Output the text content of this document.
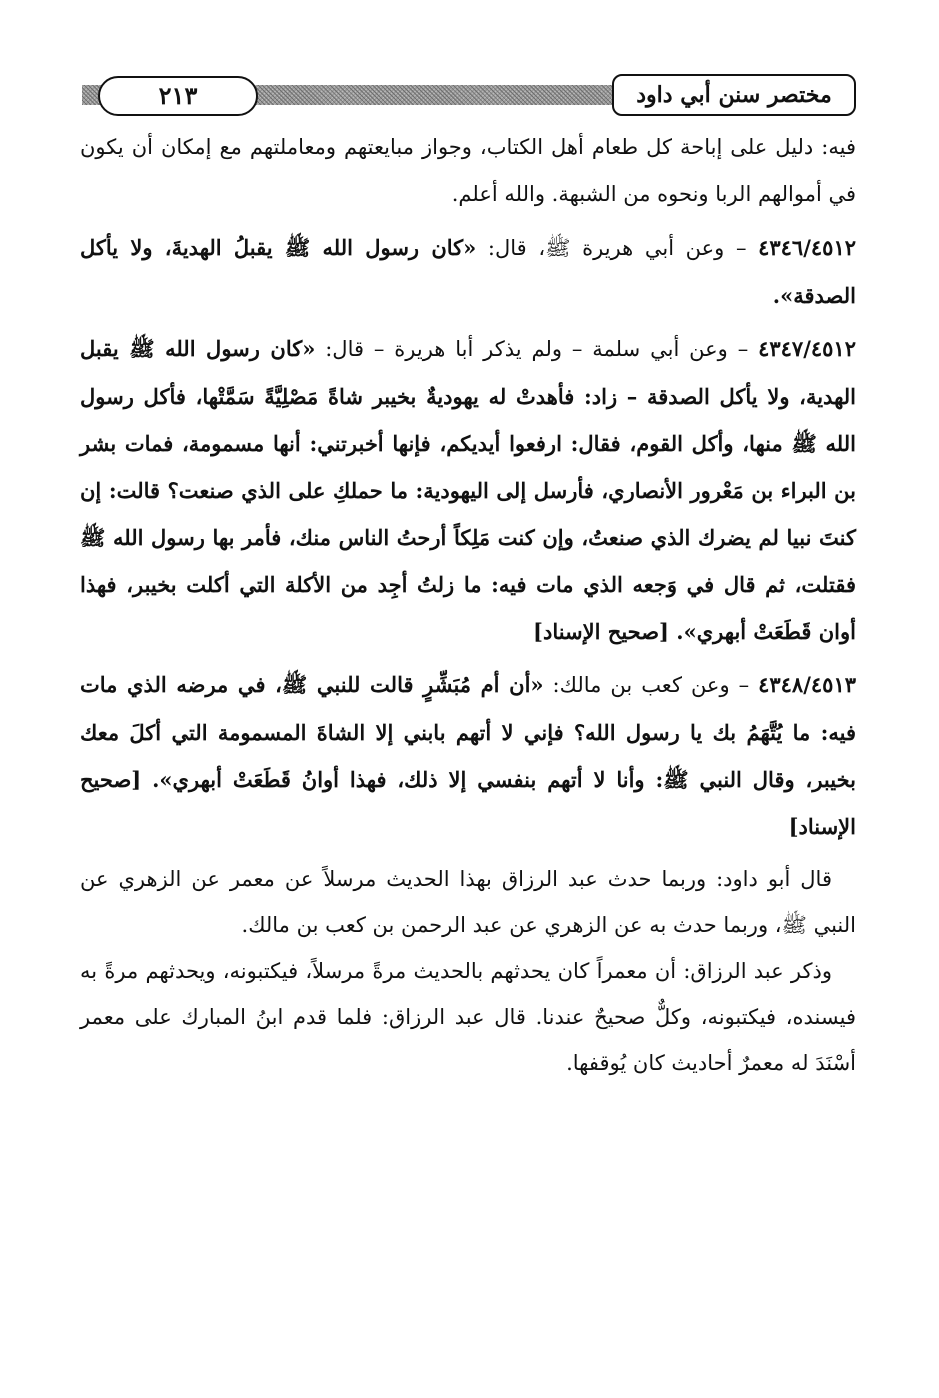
٢١٣	مختصر سنن أبي داود

فيه: دليل على إباحة كل طعام أهل الكتاب، وجواز مبايعتهم ومعاملتهم مع إمكان أن يكون في أموالهم الربا ونحوه من الشبهة. والله أعلم.

٤٣٤٦/٤٥١٢ – وعن أبي هريرة ﷺ، قال: «كان رسول الله ﷺ يقبلُ الهديةَ، ولا يأكل الصدقة».

٤٣٤٧/٤٥١٢ – وعن أبي سلمة – ولم يذكر أبا هريرة – قال: «كان رسول الله ﷺ يقبل الهدية، ولا يأكل الصدقة – زاد: فأهدتْ له يهوديةٌ بخيبر شاةً مَصْلِيَّةً سَمَّتْها، فأكل رسول الله ﷺ منها، وأكل القوم، فقال: ارفعوا أيديكم، فإنها أخبرتني: أنها مسمومة، فمات بشر بن البراء بن مَعْرور الأنصاري، فأرسل إلى اليهودية: ما حملكِ على الذي صنعت؟ قالت: إن كنتَ نبيا لم يضرك الذي صنعتُ، وإن كنت مَلِكاً أرحتُ الناس منك، فأمر بها رسول الله ﷺ فقتلت، ثم قال في وَجعه الذي مات فيه: ما زلتُ أجِد من الأكلة التي أكلت بخيبر، فهذا أوان قَطَعَتْ أبهري». [صحيح الإسناد]

٤٣٤٨/٤٥١٣ – وعن كعب بن مالك: «أن أم مُبَشِّرٍ قالت للنبي ﷺ، في مرضه الذي مات فيه: ما يُتَّهَمُ بك يا رسول الله؟ فإني لا أتهم بابني إلا الشاةَ المسمومة التي أكلَ معك بخيبر، وقال النبي ﷺ: وأنا لا أتهم بنفسي إلا ذلك، فهذا أوانُ قَطَعَتْ أبهري». [صحيح الإسناد]

قال أبو داود: وربما حدث عبد الرزاق بهذا الحديث مرسلاً عن معمر عن الزهري عن النبي ﷺ، وربما حدث به عن الزهري عن عبد الرحمن بن كعب بن مالك.

وذكر عبد الرزاق: أن معمراً كان يحدثهم بالحديث مرةً مرسلاً، فيكتبونه، ويحدثهم مرةً به فيسنده، فيكتبونه، وكلٌّ صحيحٌ عندنا. قال عبد الرزاق: فلما قدم ابنُ المبارك على معمر أسْنَدَ له معمرٌ أحاديث كان يُوقفها.
